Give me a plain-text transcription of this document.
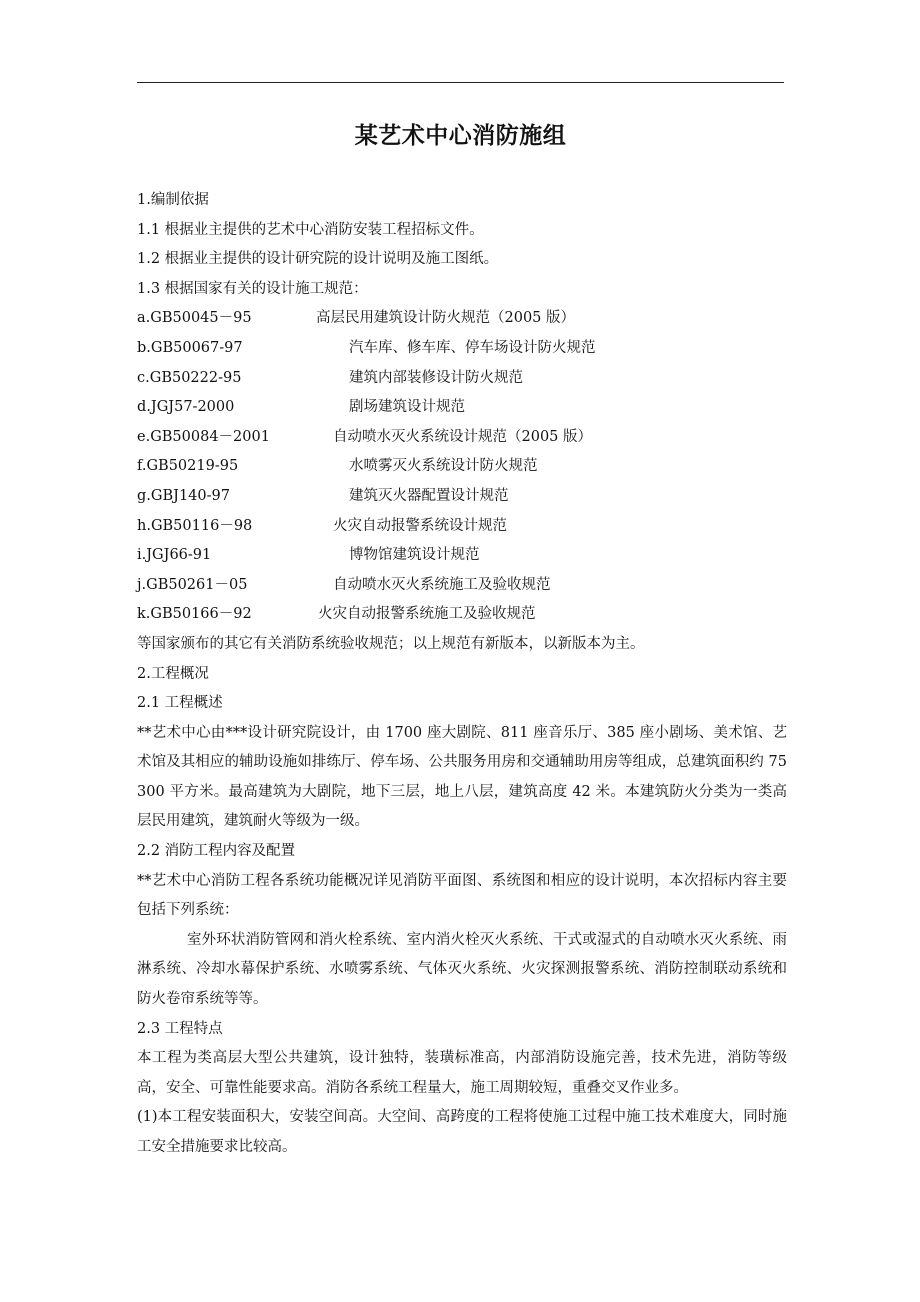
某艺术中心消防施组
1.编制依据
1.1 根据业主提供的艺术中心消防安装工程招标文件。
1.2 根据业主提供的设计研究院的设计说明及施工图纸。
1.3 根据国家有关的设计施工规范：
a.GB50045－95	高层民用建筑设计防火规范（2005 版）
b.GB50067-97	汽车库、修车库、停车场设计防火规范
c.GB50222-95	建筑内部装修设计防火规范
d.JGJ57-2000	剧场建筑设计规范
e.GB50084－2001	自动喷水灭火系统设计规范（2005 版）
f.GB50219-95	水喷雾灭火系统设计防火规范
g.GBJ140-97	建筑灭火器配置设计规范
h.GB50116－98	火灾自动报警系统设计规范
i.JGJ66-91	博物馆建筑设计规范
j.GB50261－05	自动喷水灭火系统施工及验收规范
k.GB50166－92	火灾自动报警系统施工及验收规范
等国家颁布的其它有关消防系统验收规范；以上规范有新版本，以新版本为主。
2.工程概况
2.1 工程概述
**艺术中心由***设计研究院设计，由 1700 座大剧院、811 座音乐厅、385 座小剧场、美术馆、艺术馆及其相应的辅助设施如排练厅、停车场、公共服务用房和交通辅助用房等组成，总建筑面积约 75300 平方米。最高建筑为大剧院，地下三层，地上八层，建筑高度 42 米。本建筑防火分类为一类高层民用建筑，建筑耐火等级为一级。
2.2 消防工程内容及配置
**艺术中心消防工程各系统功能概况详见消防平面图、系统图和相应的设计说明，本次招标内容主要包括下列系统：
室外环状消防管网和消火栓系统、室内消火栓灭火系统、干式或湿式的自动喷水灭火系统、雨淋系统、冷却水幕保护系统、水喷雾系统、气体灭火系统、火灾探测报警系统、消防控制联动系统和防火卷帘系统等等。
2.3 工程特点
本工程为类高层大型公共建筑，设计独特，装璜标准高，内部消防设施完善，技术先进，消防等级高，安全、可靠性能要求高。消防各系统工程量大，施工周期较短，重叠交叉作业多。
(1)本工程安装面积大，安装空间高。大空间、高跨度的工程将使施工过程中施工技术难度大，同时施工安全措施要求比较高。
